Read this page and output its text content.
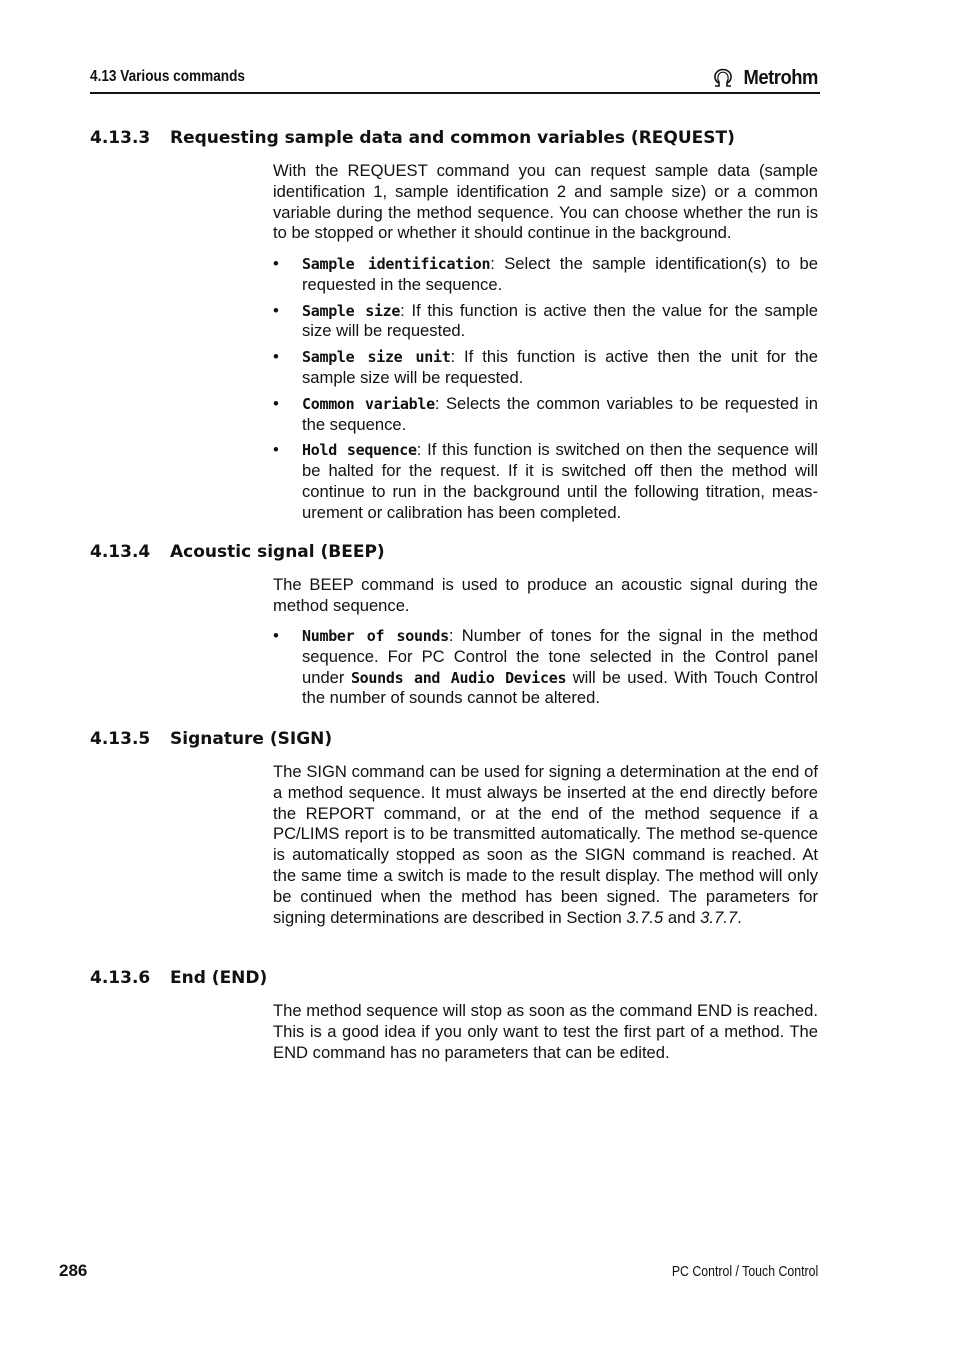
4.13 Various commands	Metrohm
4.13.3 Requesting sample data and common variables (REQUEST)

With the REQUEST command you can request sample data (sample identification 1, sample identification 2 and sample size) or a common variable during the method sequence. You can choose whether the run is to be stopped or whether it should continue in the background.

• Sample identification: Select the sample identification(s) to be requested in the sequence.
• Sample size: If this function is active then the value for the sample size will be requested.
• Sample size unit: If this function is active then the unit for the sample size will be requested.
• Common variable: Selects the common variables to be requested in the sequence.
• Hold sequence: If this function is switched on then the sequence will be halted for the request. If it is switched off then the method will continue to run in the background until the following titration, meas-urement or calibration has been completed.
4.13.4 Acoustic signal (BEEP)

The BEEP command is used to produce an acoustic signal during the method sequence.

• Number of sounds: Number of tones for the signal in the method sequence. For PC Control the tone selected in the Control panel under Sounds and Audio Devices will be used. With Touch Control the number of sounds cannot be altered.
4.13.5 Signature (SIGN)

The SIGN command can be used for signing a determination at the end of a method sequence. It must always be inserted at the end directly before the REPORT command, or at the end of the method sequence if a PC/LIMS report is to be transmitted automatically. The method se-quence is automatically stopped as soon as the SIGN command is reached. At the same time a switch is made to the result display. The method will only be continued when the method has been signed. The parameters for signing determinations are described in Section 3.7.5 and 3.7.7.

4.13.6 End (END)

The method sequence will stop as soon as the command END is reached. This is a good idea if you only want to test the first part of a method. The END command has no parameters that can be edited.

286	PC Control / Touch Control
